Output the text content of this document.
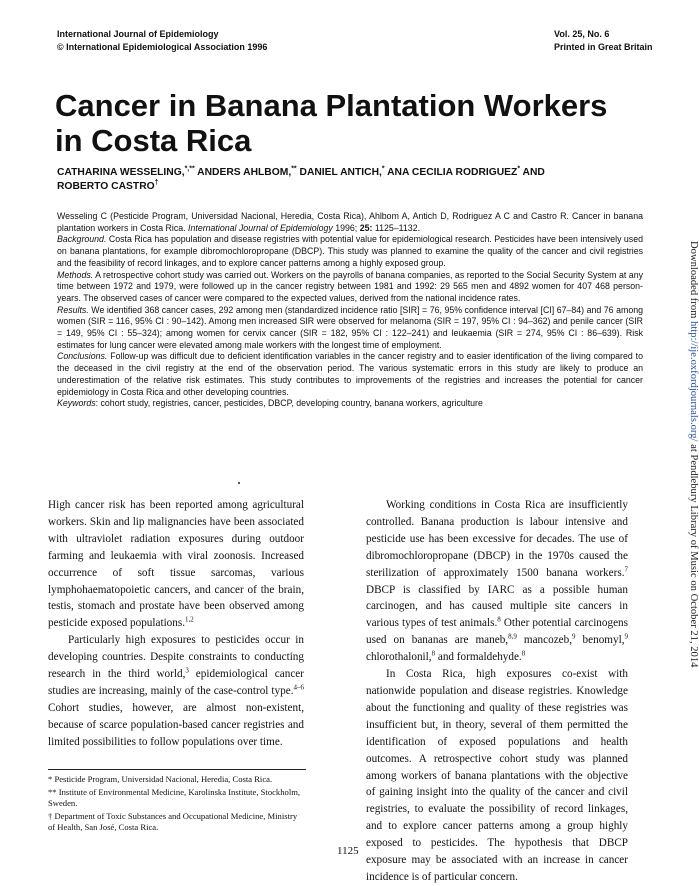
International Journal of Epidemiology
© International Epidemiological Association 1996
Vol. 25, No. 6
Printed in Great Britain
Cancer in Banana Plantation Workers
in Costa Rica
CATHARINA WESSELING,*,** ANDERS AHLBOM,** DANIEL ANTICH,* ANA CECILIA RODRIGUEZ* AND
ROBERTO CASTRO†

Wesseling C (Pesticide Program, Universidad Nacional, Heredia, Costa Rica), Ahlbom A, Antich D, Rodriguez A C and Castro R. Cancer in banana plantation workers in Costa Rica. International Journal of Epidemiology 1996; 25: 1125–1132.

Background. Costa Rica has population and disease registries with potential value for epidemiological research. Pesticides have been intensively used on banana plantations, for example dibromochloropropane (DBCP). This study was planned to examine the quality of the cancer and civil registries and the feasibility of record linkages, and to explore cancer patterns among a highly exposed group.

Methods. A retrospective cohort study was carried out. Workers on the payrolls of banana companies, as reported to the Social Security System at any time between 1972 and 1979, were followed up in the cancer registry between 1981 and 1992: 29 565 men and 4892 women for 407 468 person-years. The observed cases of cancer were compared to the expected values, derived from the national incidence rates.

Results. We identified 368 cancer cases, 292 among men (standardized incidence ratio [SIR] = 76, 95% confidence interval [CI] 67–84) and 76 among women (SIR = 116, 95% CI : 90–142). Among men increased SIR were observed for melanoma (SIR = 197, 95% CI : 94–362) and penile cancer (SIR = 149, 95% CI : 55–324); among women for cervix cancer (SIR = 182, 95% CI : 122–241) and leukaemia (SIR = 274, 95% CI : 86–639). Risk estimates for lung cancer were elevated among male workers with the longest time of employment.

Conclusions. Follow-up was difficult due to deficient identification variables in the cancer registry and to easier identification of the living compared to the deceased in the civil registry at the end of the observation period. The various systematic errors in this study are likely to produce an underestimation of the relative risk estimates. This study contributes to improvements of the registries and increases the potential for cancer epidemiology in Costa Rica and other developing countries.

Keywords: cohort study, registries, cancer, pesticides, DBCP, developing country, banana workers, agriculture

High cancer risk has been reported among agricultural workers. Skin and lip malignancies have been associated with ultraviolet radiation exposures during outdoor farming and leukaemia with viral zoonosis. Increased occurrence of soft tissue sarcomas, various lymphohaematopoietic cancers, and cancer of the brain, testis, stomach and prostate have been observed among pesticide exposed populations.$^{1,2}$

Particularly high exposures to pesticides occur in developing countries. Despite constraints to conducting research in the third world,$^3$ epidemiological cancer studies are increasing, mainly of the case-control type.$^{4-6}$ Cohort studies, however, are almost non-existent, because of scarce population-based cancer registries and limited possibilities to follow populations over time.

Working conditions in Costa Rica are insufficiently controlled. Banana production is labour intensive and pesticide use has been excessive for decades. The use of dibromochloropropane (DBCP) in the 1970s caused the sterilization of approximately 1500 banana workers.$^7$ DBCP is classified by IARC as a possible human carcinogen, and has caused multiple site cancers in various types of test animals.$^8$ Other potential carcinogens used on bananas are maneb,$^{8,9}$ mancozeb,$^9$ benomyl,$^9$ chlorothalonil,$^8$ and formaldehyde.$^8$

In Costa Rica, high exposures co-exist with nationwide population and disease registries. Knowledge about the functioning and quality of these registries was insufficient but, in theory, several of them permitted the identification of exposed populations and health outcomes. A retrospective cohort study was planned among workers of banana plantations with the objective of gaining insight into the quality of the cancer and civil registries, to evaluate the possibility of record linkages, and to explore cancer patterns among a group highly exposed to pesticides. The hypothesis that DBCP exposure may be associated with an increase in cancer incidence is of particular concern.

* Pesticide Program, Universidad Nacional, Heredia, Costa Rica.

** Institute of Environmental Medicine, Karolinska Institute, Stockholm, Sweden.

† Department of Toxic Substances and Occupational Medicine, Ministry of Health, San José, Costa Rica.

1125
Downloaded from http://ije.oxfordjournals.org/ at Pendlebury Library of Music on October 21, 2014
